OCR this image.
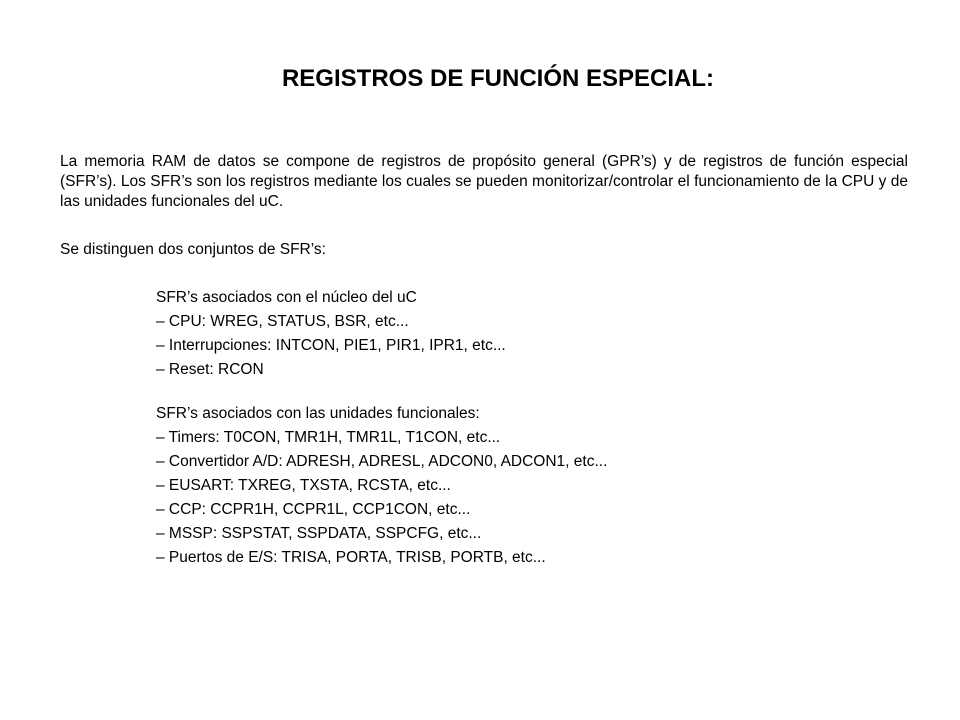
REGISTROS DE FUNCIÓN ESPECIAL:

La memoria RAM de datos se compone de registros de propósito general (GPR’s) y de registros de función especial (SFR’s). Los SFR’s son los registros mediante los cuales se pueden monitorizar/controlar el funcionamiento de la CPU y de las unidades funcionales del uC.

Se distinguen dos conjuntos de SFR’s:

SFR’s asociados con el núcleo del uC
– CPU: WREG, STATUS, BSR, etc...
– Interrupciones: INTCON, PIE1, PIR1, IPR1, etc...
– Reset: RCON
SFR’s asociados con las unidades funcionales:
– Timers: T0CON, TMR1H, TMR1L, T1CON, etc...
– Convertidor A/D: ADRESH, ADRESL, ADCON0, ADCON1, etc...
– EUSART: TXREG, TXSTA, RCSTA, etc...
– CCP: CCPR1H, CCPR1L, CCP1CON, etc...
– MSSP: SSPSTAT, SSPDATA, SSPCFG, etc...
– Puertos de E/S: TRISA, PORTA, TRISB, PORTB, etc...
